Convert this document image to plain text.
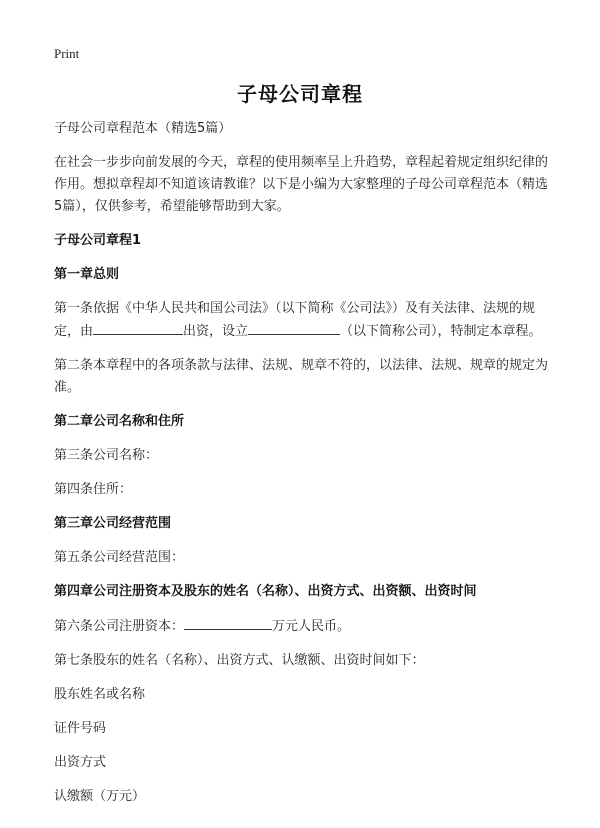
Print
子母公司章程

子母公司章程范本（精选5篇）

在社会一步步向前发展的今天，章程的使用频率呈上升趋势，章程起着规定组织纪律的作用。想拟章程却不知道该请教谁？以下是小编为大家整理的子母公司章程范本（精选5篇），仅供参考，希望能够帮助到大家。

子母公司章程1

第一章总则

第一条依据《中华人民共和国公司法》（以下简称《公司法》）及有关法律、法规的规定，由	出资，设立	（以下简称公司），特制定本章程。

第二条本章程中的各项条款与法律、法规、规章不符的，以法律、法规、规章的规定为准。

第二章公司名称和住所

第三条公司名称：

第四条住所：

第三章公司经营范围

第五条公司经营范围：

第四章公司注册资本及股东的姓名（名称）、出资方式、出资额、出资时间

第六条公司注册资本：	万元人民币。

第七条股东的姓名（名称）、出资方式、认缴额、出资时间如下：

股东姓名或名称

证件号码

出资方式

认缴额（万元）
